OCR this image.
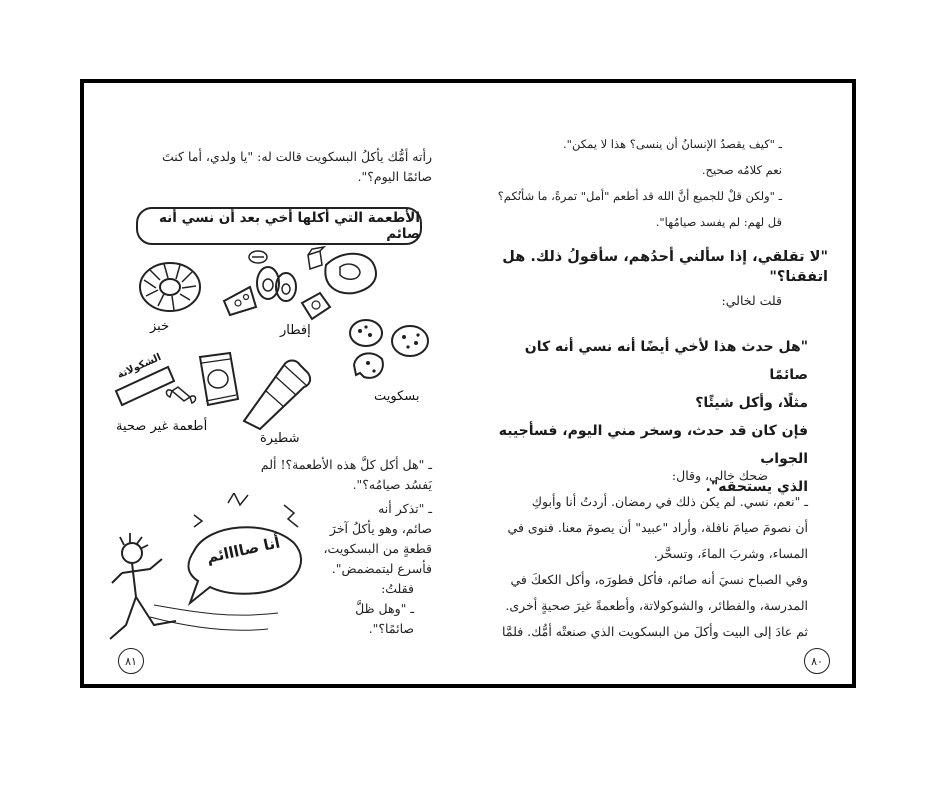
رأته أمُّك يأكلُ البسكويت قالت له: "يا ولدي، أما كنتَ صائمًا اليوم؟".
الأطعمة التي أكلها أخي بعد أن نسي أنه صائم
خبز	إفطار
بسكويت
الشكولاتة
أطعمة غير صحية
شطيرة
ـ "هل أكل كلَّ هذه الأطعمة؟! ألم يَفسُد صيامُه؟".
ـ "تذكر أنه
صائم، وهو يأكلُ آخرَ
قطعةٍ من البسكويت،
فأسرع ليتمضمض".
فقلتُ:
ـ "وهل ظلَّ
صائمًا؟".
أنا صاااائم
٨١
ـ "كيف يقصدُ الإنسانُ أن ينسى؟ هذا لا يمكن".
نعم كلامُه صحيح.
ـ "ولكن قلْ للجميع أنَّ الله قد أطعم "أمل" تمرةً، ما شأنُكم؟
قل لهم: لم يفسد صيامُها".
"لا تقلقي، إذا سألني أحدُهم، سأقولُ ذلك. هل اتفقنا؟"
قلت لخالي:
"هل حدث هذا لأخي أيضًا أنه نسي أنه كان صائمًا
مثلًا، وأكل شيئًا؟
فإن كان قد حدث، وسخر مني اليوم، فسأجيبه الجواب
الذي يستحقه".
ضحك خالي، وقال:
ـ "نعم، نسي. لم يكن ذلك في رمضان. أردتُ أنا وأبوكِ
أن نصومَ صيامَ نافلة، وأراد "عبيد" أن يصومَ معنا. فنوى في
المساء، وشربَ الماءَ، وتسحَّر.
وفي الصباح نسيَ أنه صائم، فأكل فطورَه، وأكل الكعكَ في
المدرسة، والفطائر، والشوكولاتة، وأطعمةً غيرَ صحيةٍ أخرى.
ثم عادَ إلى البيت وأكلَ من البسكويت الذي صنعتْه أمُّك. فلمَّا
٨٠
